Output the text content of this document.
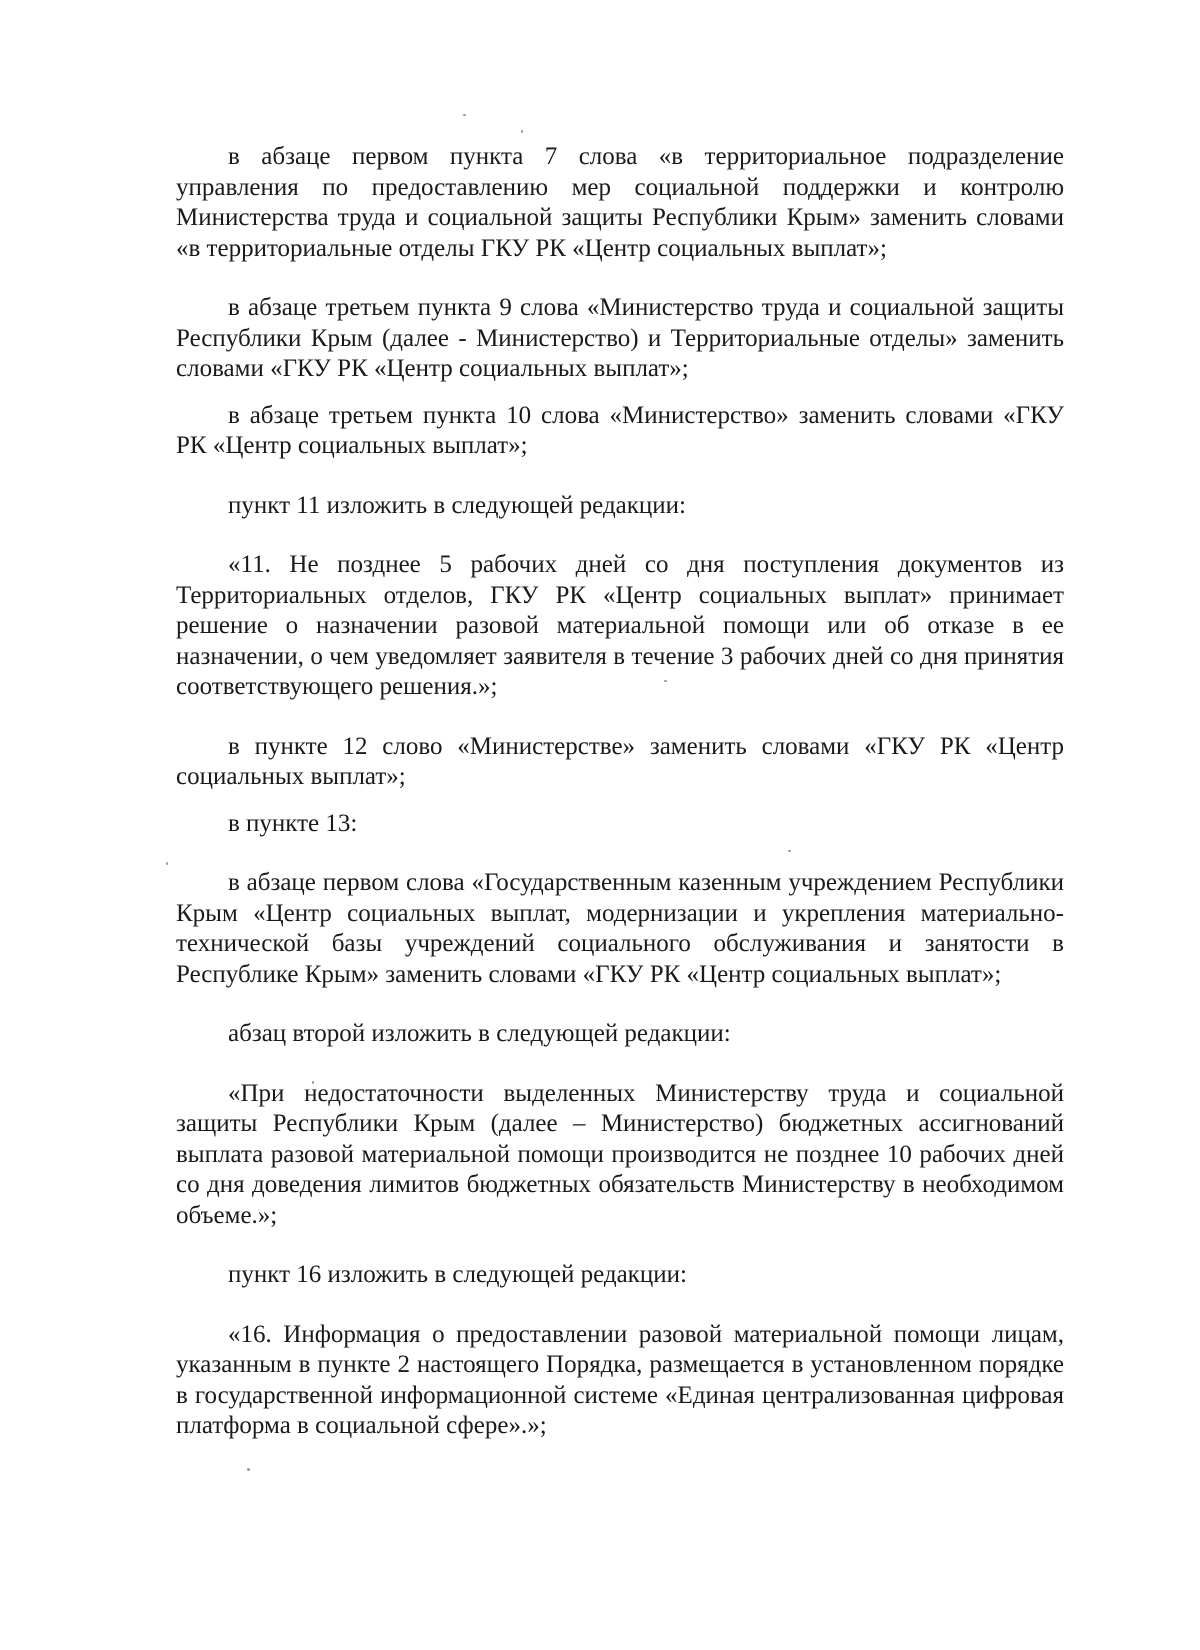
в абзаце первом пункта 7 слова «в территориальное подразделение управления по предоставлению мер социальной поддержки и контролю Министерства труда и социальной защиты Республики Крым» заменить словами «в территориальные отделы ГКУ РК «Центр социальных выплат»;

в абзаце третьем пункта 9 слова «Министерство труда и социальной защиты Республики Крым (далее - Министерство) и Территориальные отделы» заменить словами «ГКУ РК «Центр социальных выплат»;

в абзаце третьем пункта 10 слова «Министерство» заменить словами «ГКУ РК «Центр социальных выплат»;

пункт 11 изложить в следующей редакции:

«11. Не позднее 5 рабочих дней со дня поступления документов из Территориальных отделов, ГКУ РК «Центр социальных выплат» принимает решение о назначении разовой материальной помощи или об отказе в ее назначении, о чем уведомляет заявителя в течение 3 рабочих дней со дня принятия соответствующего решения.»;

в пункте 12 слово «Министерстве» заменить словами «ГКУ РК «Центр социальных выплат»;

в пункте 13:

в абзаце первом слова «Государственным казенным учреждением Республики Крым «Центр социальных выплат, модернизации и укрепления материально-технической базы учреждений социального обслуживания и занятости в Республике Крым» заменить словами «ГКУ РК «Центр социальных выплат»;

абзац второй изложить в следующей редакции:

«При недостаточности выделенных Министерству труда и социальной защиты Республики Крым (далее – Министерство) бюджетных ассигнований выплата разовой материальной помощи производится не позднее 10 рабочих дней со дня доведения лимитов бюджетных обязательств Министерству в необходимом объеме.»;

пункт 16 изложить в следующей редакции:

«16. Информация о предоставлении разовой материальной помощи лицам, указанным в пункте 2 настоящего Порядка, размещается в установленном порядке в государственной информационной системе «Единая централизованная цифровая платформа в социальной сфере».»;
